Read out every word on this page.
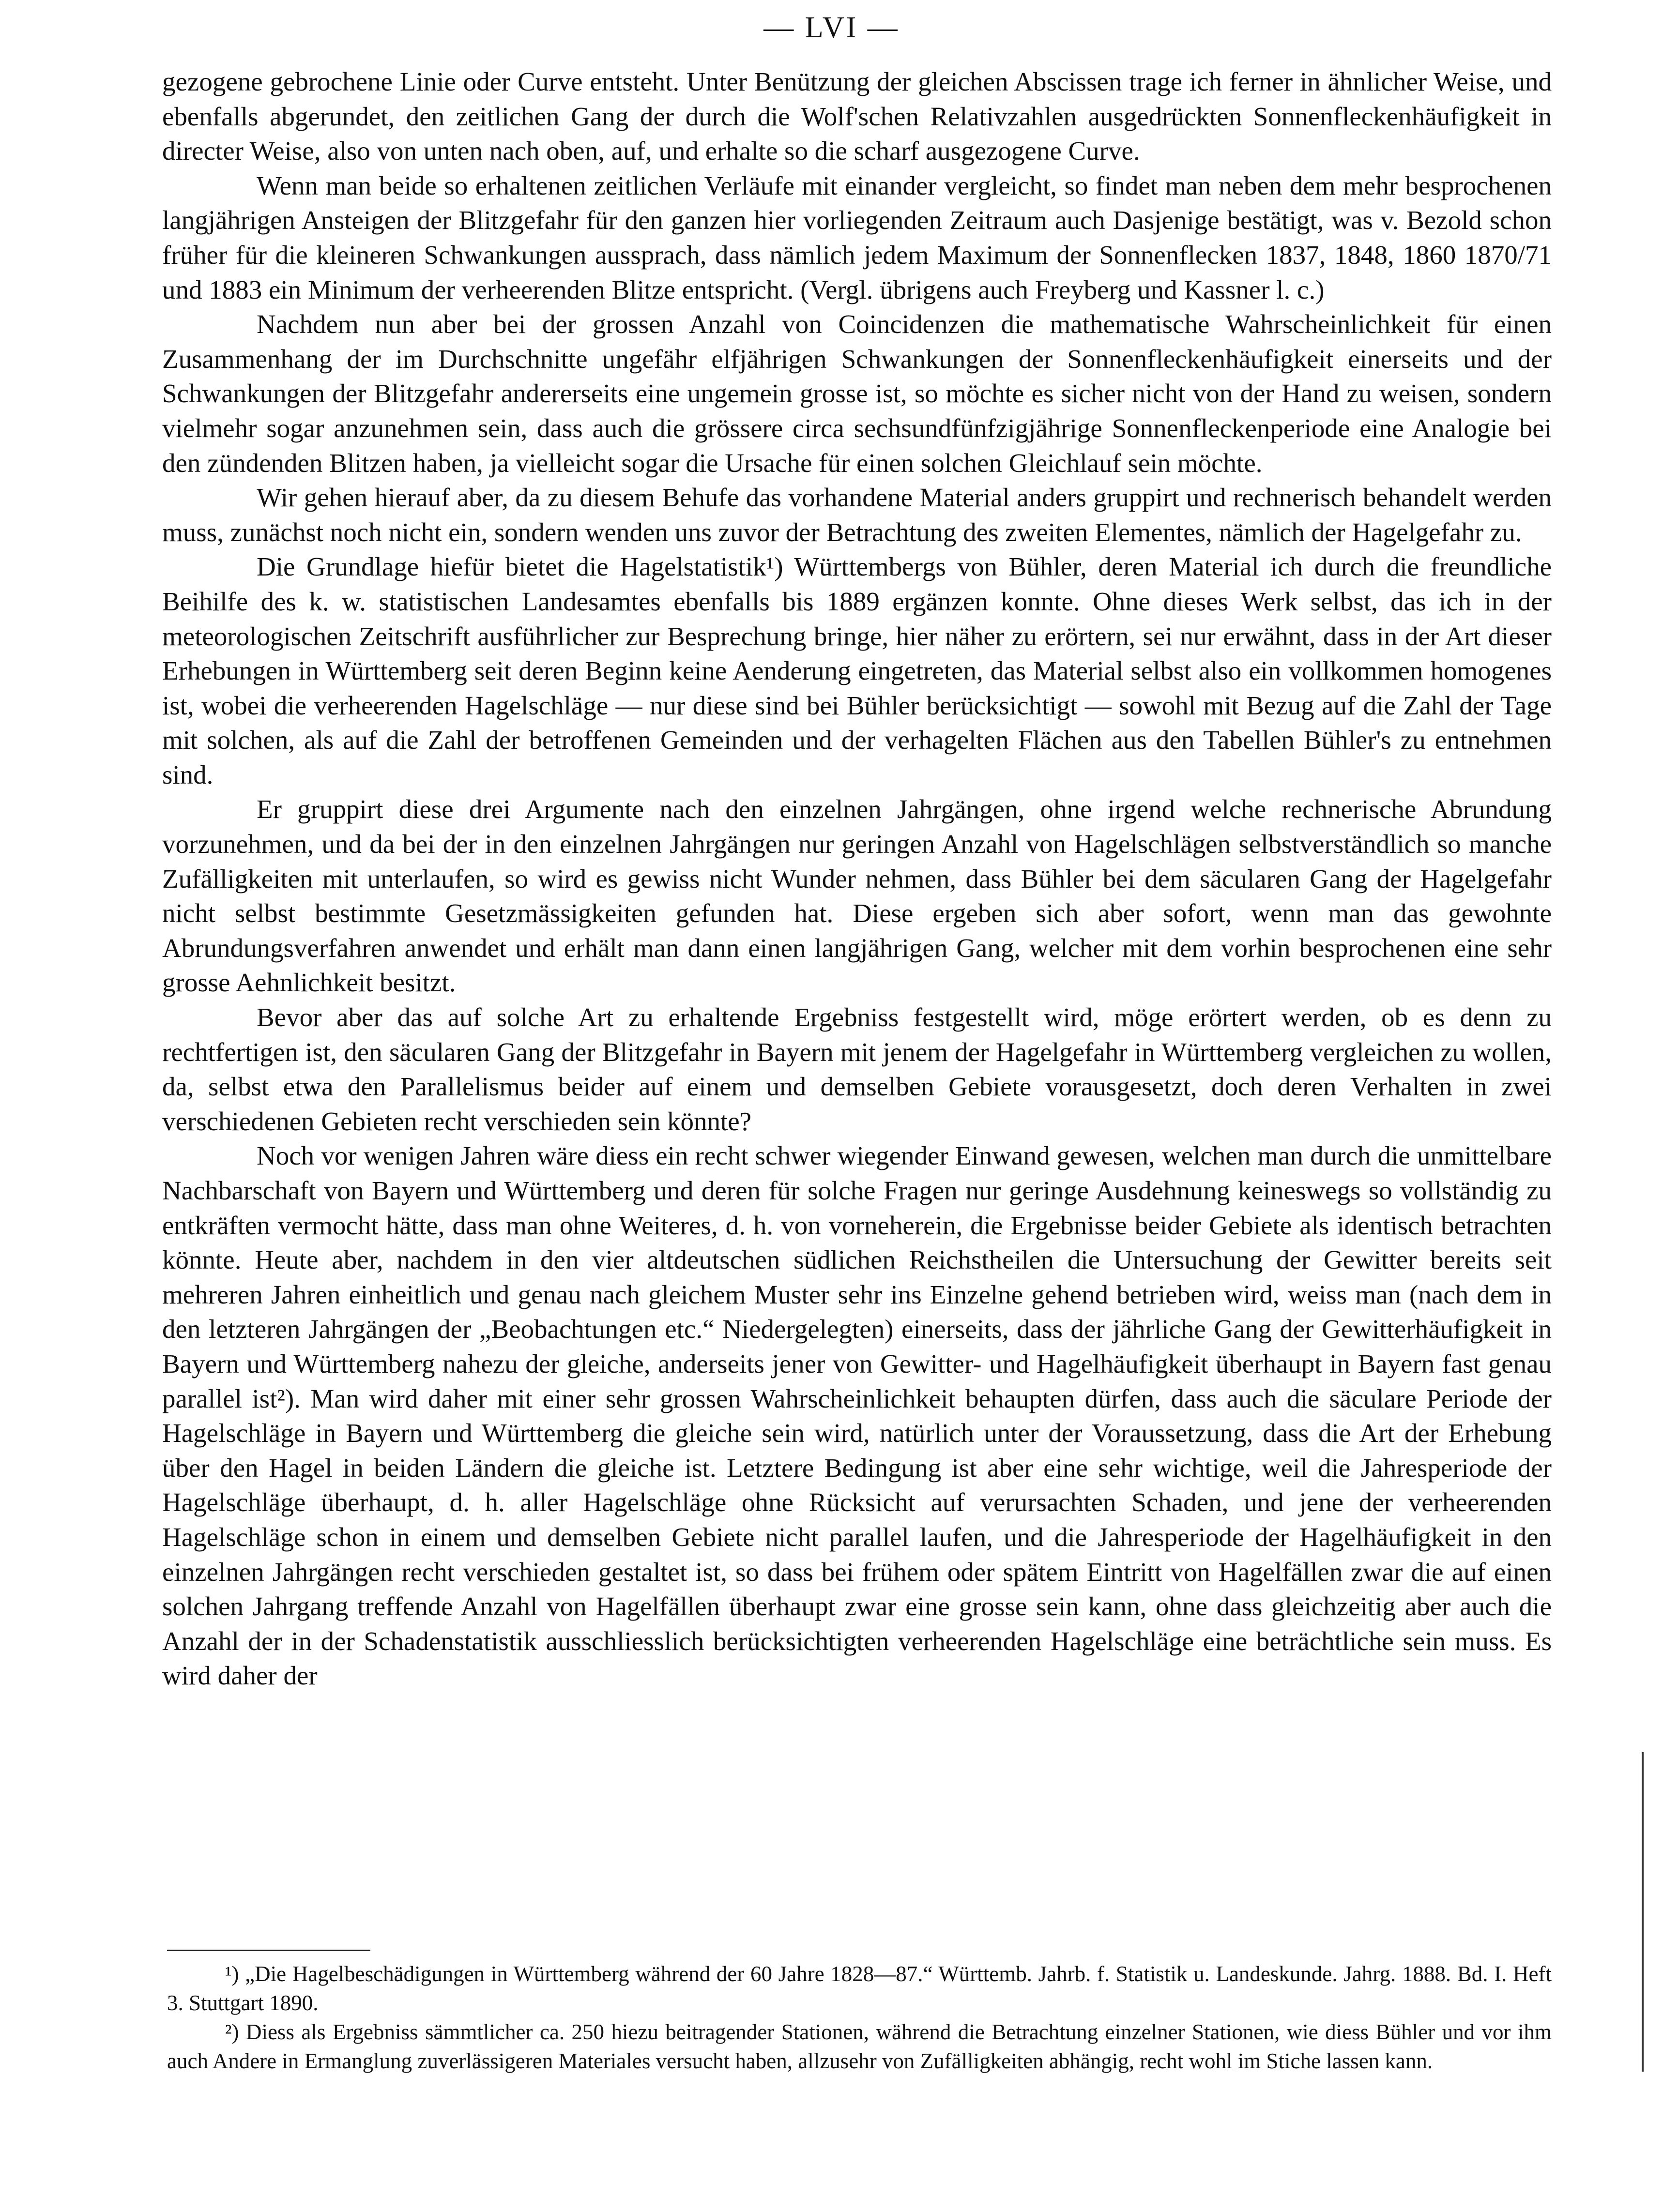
— LVI —

gezogene gebrochene Linie oder Curve entsteht. Unter Benützung der gleichen Abscissen trage ich ferner in ähnlicher Weise, und ebenfalls abgerundet, den zeitlichen Gang der durch die Wolf'schen Relativzahlen ausgedrückten Sonnenfleckenhäufigkeit in directer Weise, also von unten nach oben, auf, und erhalte so die scharf ausgezogene Curve.

Wenn man beide so erhaltenen zeitlichen Verläufe mit einander vergleicht, so findet man neben dem mehr besprochenen langjährigen Ansteigen der Blitzgefahr für den ganzen hier vorliegenden Zeitraum auch Dasjenige bestätigt, was v. Bezold schon früher für die kleineren Schwankungen aussprach, dass nämlich jedem Maximum der Sonnenflecken 1837, 1848, 1860 1870/71 und 1883 ein Minimum der verheerenden Blitze entspricht. (Vergl. übrigens auch Freyberg und Kassner l. c.)

Nachdem nun aber bei der grossen Anzahl von Coincidenzen die mathematische Wahrscheinlichkeit für einen Zusammenhang der im Durchschnitte ungefähr elfjährigen Schwankungen der Sonnenfleckenhäufigkeit einerseits und der Schwankungen der Blitzgefahr andererseits eine ungemein grosse ist, so möchte es sicher nicht von der Hand zu weisen, sondern vielmehr sogar anzunehmen sein, dass auch die grössere circa sechsundfünfzigjährige Sonnenfleckenperiode eine Analogie bei den zündenden Blitzen haben, ja vielleicht sogar die Ursache für einen solchen Gleichlauf sein möchte.

Wir gehen hierauf aber, da zu diesem Behufe das vorhandene Material anders gruppirt und rechnerisch behandelt werden muss, zunächst noch nicht ein, sondern wenden uns zuvor der Betrachtung des zweiten Elementes, nämlich der Hagelgefahr zu.

Die Grundlage hiefür bietet die Hagelstatistik¹) Württembergs von Bühler, deren Material ich durch die freundliche Beihilfe des k. w. statistischen Landesamtes ebenfalls bis 1889 ergänzen konnte. Ohne dieses Werk selbst, das ich in der meteorologischen Zeitschrift ausführlicher zur Besprechung bringe, hier näher zu erörtern, sei nur erwähnt, dass in der Art dieser Erhebungen in Württemberg seit deren Beginn keine Aenderung eingetreten, das Material selbst also ein vollkommen homogenes ist, wobei die verheerenden Hagelschläge — nur diese sind bei Bühler berücksichtigt — sowohl mit Bezug auf die Zahl der Tage mit solchen, als auf die Zahl der betroffenen Gemeinden und der verhagelten Flächen aus den Tabellen Bühler's zu entnehmen sind.

Er gruppirt diese drei Argumente nach den einzelnen Jahrgängen, ohne irgend welche rechnerische Abrundung vorzunehmen, und da bei der in den einzelnen Jahrgängen nur geringen Anzahl von Hagelschlägen selbstverständlich so manche Zufälligkeiten mit unterlaufen, so wird es gewiss nicht Wunder nehmen, dass Bühler bei dem säcularen Gang der Hagelgefahr nicht selbst bestimmte Gesetzmässigkeiten gefunden hat. Diese ergeben sich aber sofort, wenn man das gewohnte Abrundungsverfahren anwendet und erhält man dann einen langjährigen Gang, welcher mit dem vorhin besprochenen eine sehr grosse Aehnlichkeit besitzt.

Bevor aber das auf solche Art zu erhaltende Ergebniss festgestellt wird, möge erörtert werden, ob es denn zu rechtfertigen ist, den säcularen Gang der Blitzgefahr in Bayern mit jenem der Hagelgefahr in Württemberg vergleichen zu wollen, da, selbst etwa den Parallelismus beider auf einem und demselben Gebiete vorausgesetzt, doch deren Verhalten in zwei verschiedenen Gebieten recht verschieden sein könnte?

Noch vor wenigen Jahren wäre diess ein recht schwer wiegender Einwand gewesen, welchen man durch die unmittelbare Nachbarschaft von Bayern und Württemberg und deren für solche Fragen nur geringe Ausdehnung keineswegs so vollständig zu entkräften vermocht hätte, dass man ohne Weiteres, d. h. von vorneherein, die Ergebnisse beider Gebiete als identisch betrachten könnte. Heute aber, nachdem in den vier altdeutschen südlichen Reichstheilen die Untersuchung der Gewitter bereits seit mehreren Jahren einheitlich und genau nach gleichem Muster sehr ins Einzelne gehend betrieben wird, weiss man (nach dem in den letzteren Jahrgängen der „Beobachtungen etc.“ Niedergelegten) einerseits, dass der jährliche Gang der Gewitterhäufigkeit in Bayern und Württemberg nahezu der gleiche, anderseits jener von Gewitter- und Hagelhäufigkeit überhaupt in Bayern fast genau parallel ist²). Man wird daher mit einer sehr grossen Wahrscheinlichkeit behaupten dürfen, dass auch die säculare Periode der Hagelschläge in Bayern und Württemberg die gleiche sein wird, natürlich unter der Voraussetzung, dass die Art der Erhebung über den Hagel in beiden Ländern die gleiche ist. Letztere Bedingung ist aber eine sehr wichtige, weil die Jahresperiode der Hagelschläge überhaupt, d. h. aller Hagelschläge ohne Rücksicht auf verursachten Schaden, und jene der verheerenden Hagelschläge schon in einem und demselben Gebiete nicht parallel laufen, und die Jahresperiode der Hagelhäufigkeit in den einzelnen Jahrgängen recht verschieden gestaltet ist, so dass bei frühem oder spätem Eintritt von Hagelfällen zwar die auf einen solchen Jahrgang treffende Anzahl von Hagelfällen überhaupt zwar eine grosse sein kann, ohne dass gleichzeitig aber auch die Anzahl der in der Schadenstatistik ausschliesslich berücksichtigten verheerenden Hagelschläge eine beträchtliche sein muss. Es wird daher der

¹) „Die Hagelbeschädigungen in Württemberg während der 60 Jahre 1828—87.“ Württemb. Jahrb. f. Statistik u. Landeskunde. Jahrg. 1888. Bd. I. Heft 3. Stuttgart 1890.

²) Diess als Ergebniss sämmtlicher ca. 250 hiezu beitragender Stationen, während die Betrachtung einzelner Stationen, wie diess Bühler und vor ihm auch Andere in Ermanglung zuverlässigeren Materiales versucht haben, allzusehr von Zufälligkeiten abhängig, recht wohl im Stiche lassen kann.
